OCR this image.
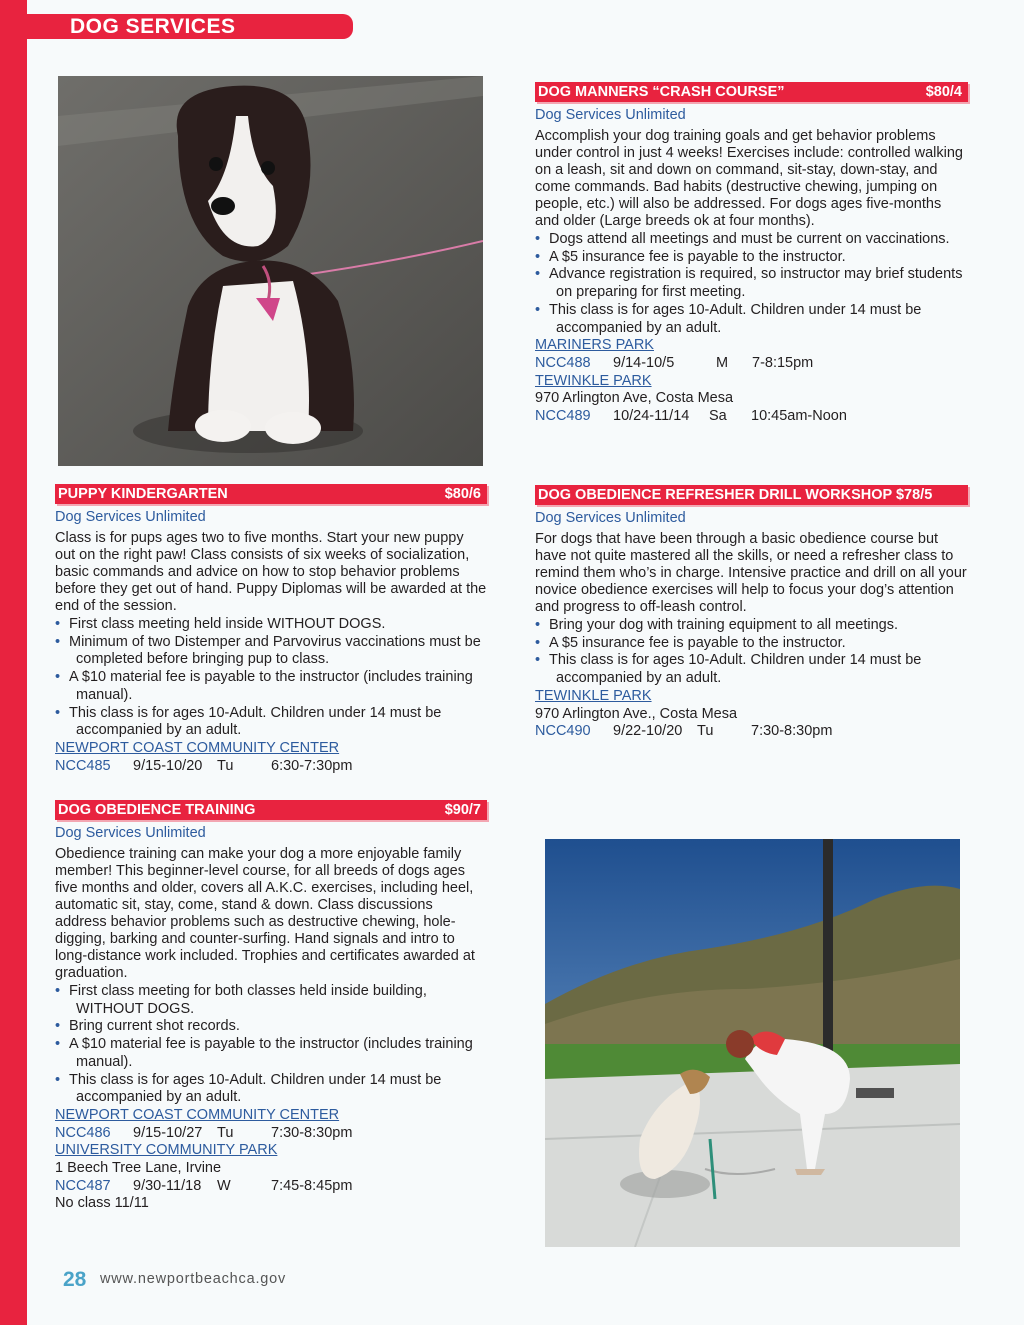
DOG SERVICES
DOG MANNERS “CRASH COURSE”	$80/4
Dog Services Unlimited
Accomplish your dog training goals and get behavior problems under control in just 4 weeks! Exercises include: controlled walking on a leash, sit and down on command, sit-stay, down-stay, and come commands. Bad habits (destructive chewing, jumping on people, etc.) will also be addressed. For dogs ages five-months and older (Large breeds ok at four months).
• Dogs attend all meetings and must be current on vaccinations.
• A $5 insurance fee is payable to the instructor.
• Advance registration is required, so instructor may brief students on preparing for first meeting.
• This class is for ages 10-Adult. Children under 14 must be accompanied by an adult.
MARINERS PARK
NCC488 9/14-10/5	M 7-8:15pm
TEWINKLE PARK
970 Arlington Ave, Costa Mesa
NCC489 10/24-11/14 Sa 10:45am-Noon
PUPPY KINDERGARTEN	$80/6
Dog Services Unlimited
Class is for pups ages two to five months. Start your new puppy out on the right paw! Class consists of six weeks of socialization, basic commands and advice on how to stop behavior problems before they get out of hand. Puppy Diplomas will be awarded at the end of the session.
• First class meeting held inside WITHOUT DOGS.
• Minimum of two Distemper and Parvovirus vaccinations must be completed before bringing pup to class.
• A $10 material fee is payable to the instructor (includes training manual).
• This class is for ages 10-Adult. Children under 14 must be accompanied by an adult.
NEWPORT COAST COMMUNITY CENTER
NCC485 9/15-10/20 Tu	6:30-7:30pm
DOG OBEDIENCE REFRESHER DRILL WORKSHOP $78/5
Dog Services Unlimited
For dogs that have been through a basic obedience course but have not quite mastered all the skills, or need a refresher class to remind them who’s in charge. Intensive practice and drill on all your novice obedience exercises will help to focus your dog’s attention and progress to off-leash control.
• Bring your dog with training equipment to all meetings.
• A $5 insurance fee is payable to the instructor.
• This class is for ages 10-Adult. Children under 14 must be accompanied by an adult.
TEWINKLE PARK
970 Arlington Ave., Costa Mesa
NCC490 9/22-10/20 Tu	7:30-8:30pm
DOG OBEDIENCE TRAINING	$90/7
Dog Services Unlimited
Obedience training can make your dog a more enjoyable family member! This beginner-level course, for all breeds of dogs ages five months and older, covers all A.K.C. exercises, including heel, automatic sit, stay, come, stand & down. Class discussions address behavior problems such as destructive chewing, hole-digging, barking and counter-surfing. Hand signals and intro to long-distance work included. Trophies and certificates awarded at graduation.
• First class meeting for both classes held inside building, WITHOUT DOGS.
• Bring current shot records.
• A $10 material fee is payable to the instructor (includes training manual).
• This class is for ages 10-Adult. Children under 14 must be accompanied by an adult.
NEWPORT COAST COMMUNITY CENTER
NCC486 9/15-10/27 Tu	7:30-8:30pm
UNIVERSITY COMMUNITY PARK
1 Beech Tree Lane, Irvine
NCC487 9/30-11/18 W	7:45-8:45pm
No class 11/11
28 www.newportbeachca.gov
